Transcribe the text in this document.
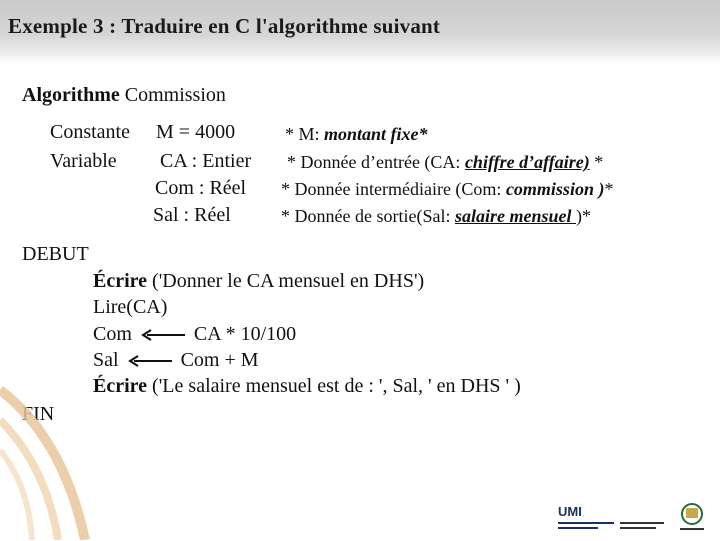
Exemple 3 : Traduire en C l'algorithme suivant
Algorithme Commission
Constante M = 4000	* M: montant fixe*
Variable CA : Entier * Donnée d’entrée (CA: chiffre d’affaire) *
Com : Réel * Donnée intermédiaire (Com: commission )*
Sal : Réel	* Donnée de sortie(Sal: salaire mensuel )*
DEBUT
Écrire ('Donner le CA mensuel en DHS')
Lire(CA)
Com	CA * 10/100
Sal	Com + M
Écrire ('Le salaire mensuel est de : ', Sal, ' en DHS ' )
FIN
UMI
